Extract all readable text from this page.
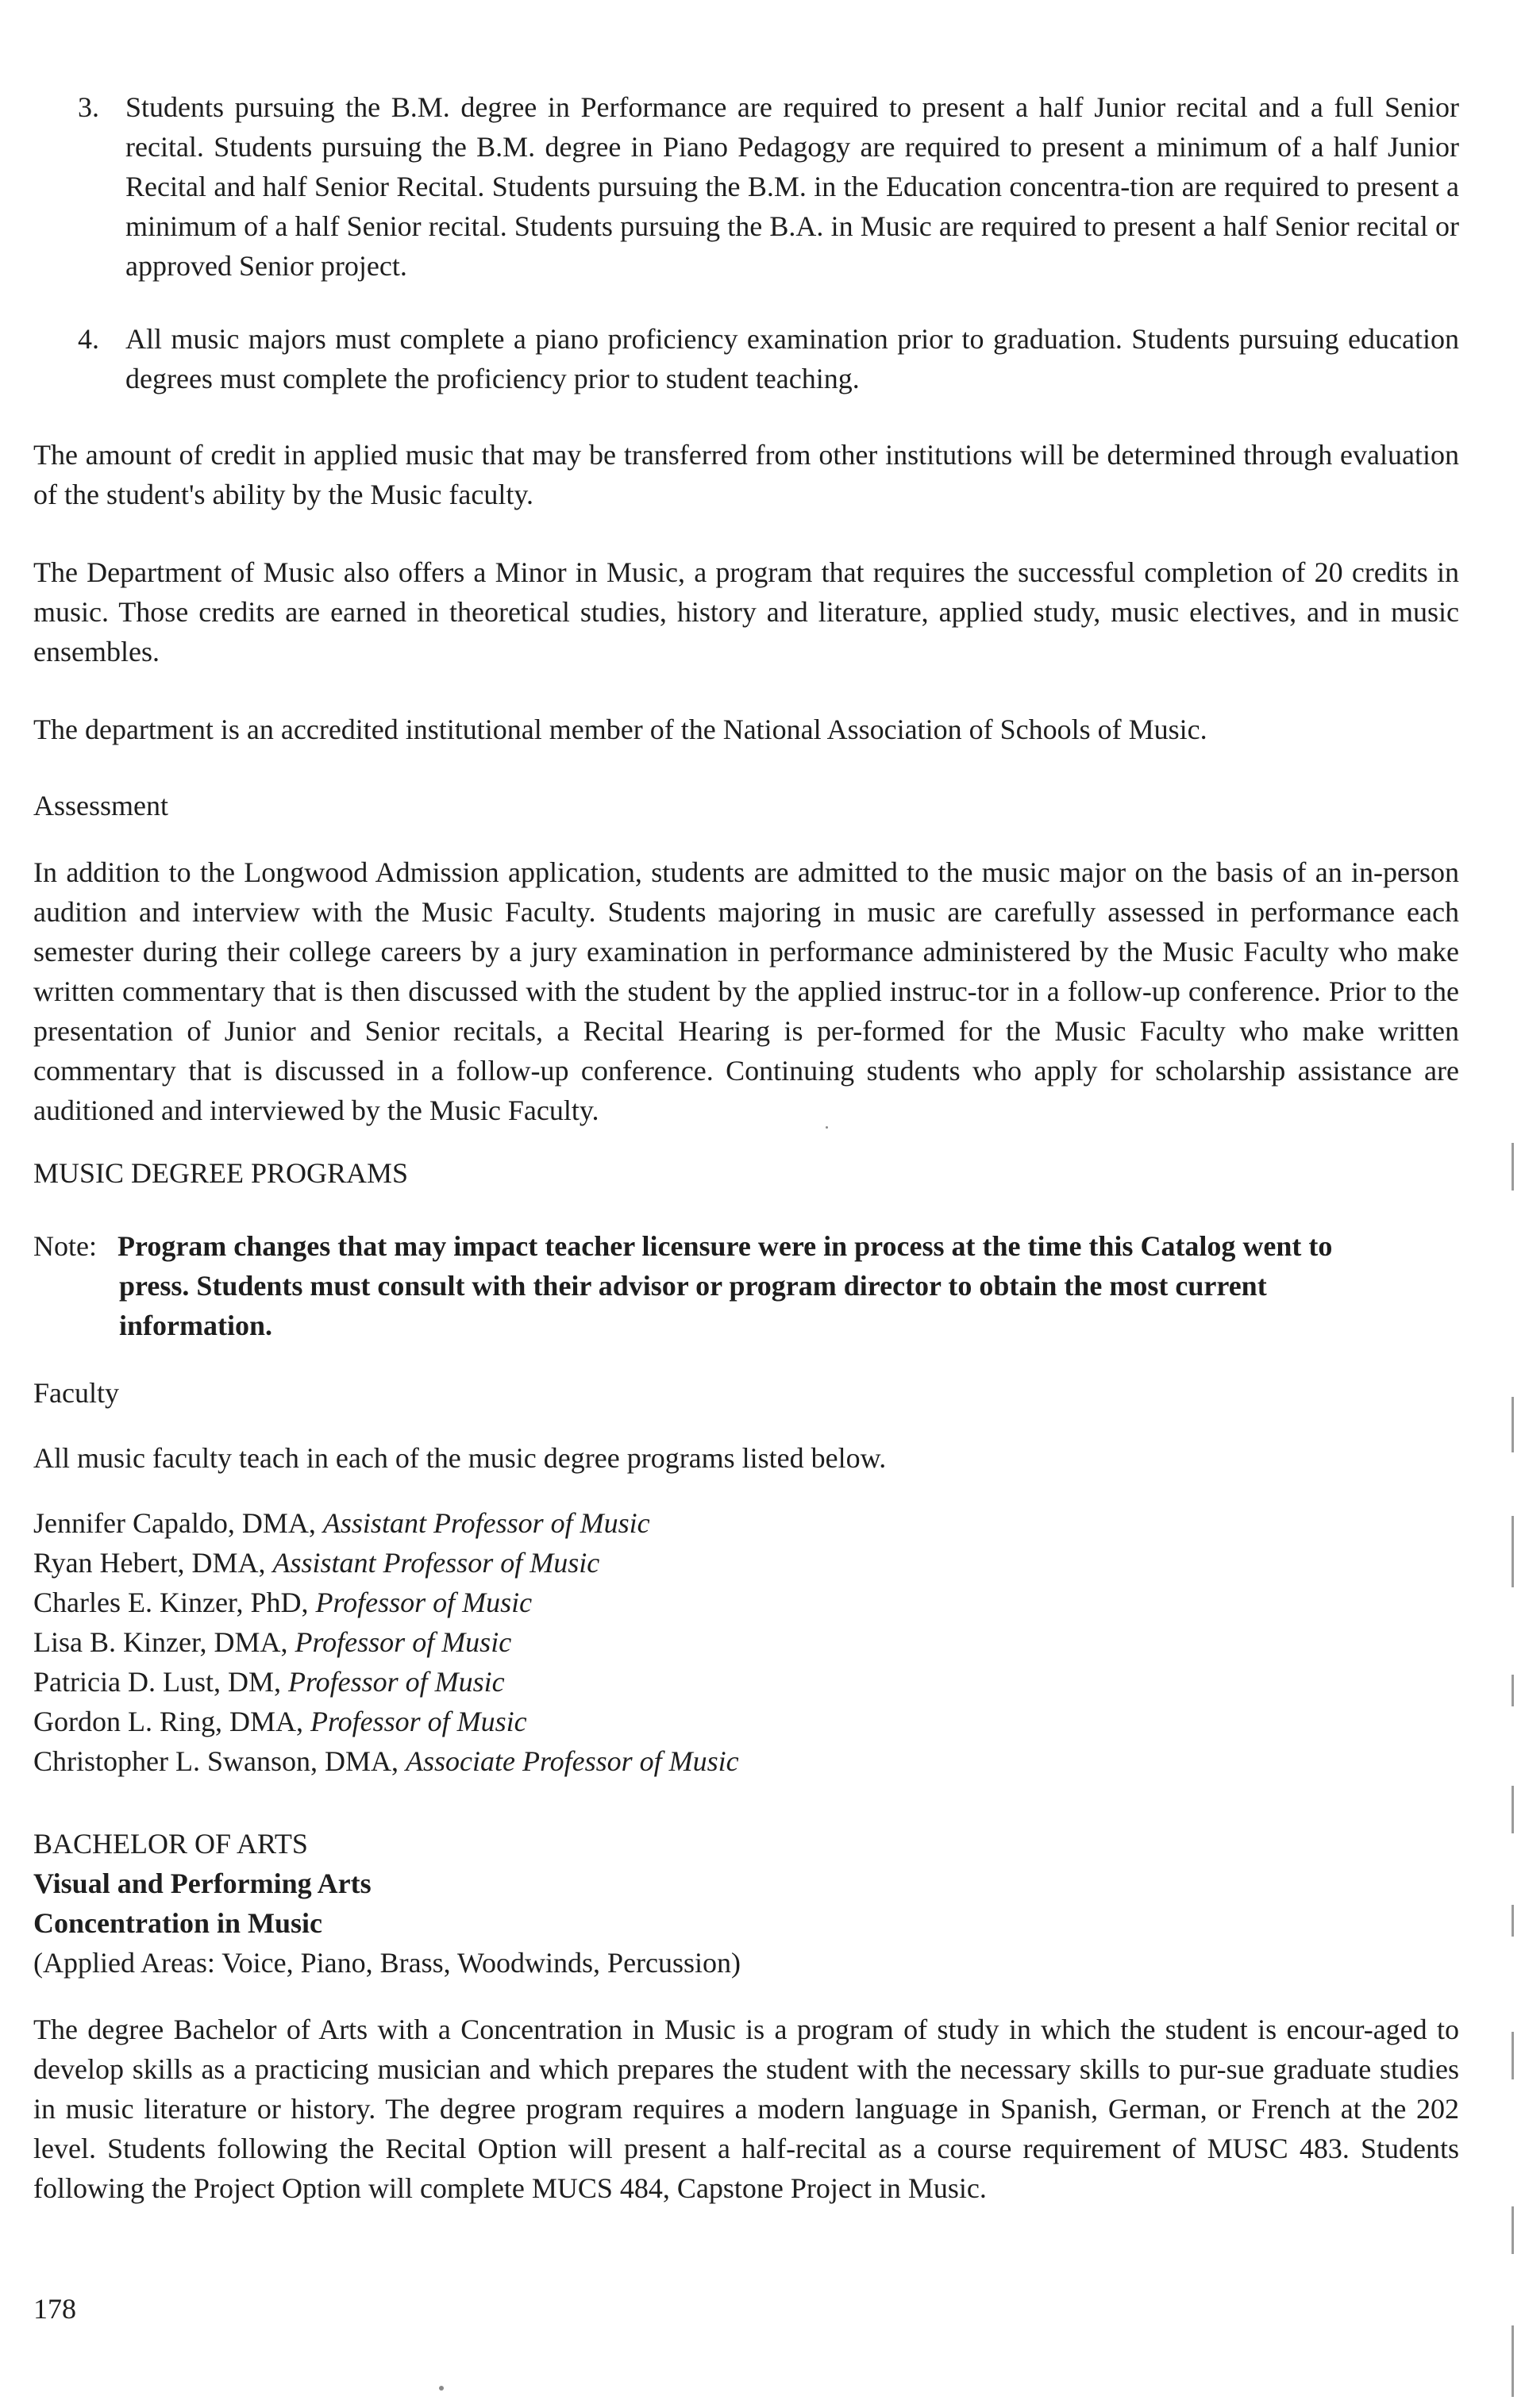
3. Students pursuing the B.M. degree in Performance are required to present a half Junior recital and a full Senior recital. Students pursuing the B.M. degree in Piano Pedagogy are required to present a minimum of a half Junior Recital and half Senior Recital. Students pursuing the B.M. in the Education concentra-tion are required to present a minimum of a half Senior recital. Students pursuing the B.A. in Music are required to present a half Senior recital or approved Senior project.
4. All music majors must complete a piano proficiency examination prior to graduation. Students pursuing education degrees must complete the proficiency prior to student teaching.
The amount of credit in applied music that may be transferred from other institutions will be determined through evaluation of the student's ability by the Music faculty.
The Department of Music also offers a Minor in Music, a program that requires the successful completion of 20 credits in music. Those credits are earned in theoretical studies, history and literature, applied study, music electives, and in music ensembles.
The department is an accredited institutional member of the National Association of Schools of Music.
Assessment
In addition to the Longwood Admission application, students are admitted to the music major on the basis of an in-person audition and interview with the Music Faculty. Students majoring in music are carefully assessed in performance each semester during their college careers by a jury examination in performance administered by the Music Faculty who make written commentary that is then discussed with the student by the applied instruc-tor in a follow-up conference. Prior to the presentation of Junior and Senior recitals, a Recital Hearing is per-formed for the Music Faculty who make written commentary that is discussed in a follow-up conference. Continuing students who apply for scholarship assistance are auditioned and interviewed by the Music Faculty.
MUSIC DEGREE PROGRAMS
Note: Program changes that may impact teacher licensure were in process at the time this Catalog went to press. Students must consult with their advisor or program director to obtain the most current information.
Faculty
All music faculty teach in each of the music degree programs listed below.
Jennifer Capaldo, DMA, Assistant Professor of Music
Ryan Hebert, DMA, Assistant Professor of Music
Charles E. Kinzer, PhD, Professor of Music
Lisa B. Kinzer, DMA, Professor of Music
Patricia D. Lust, DM, Professor of Music
Gordon L. Ring, DMA, Professor of Music
Christopher L. Swanson, DMA, Associate Professor of Music
BACHELOR OF ARTS
Visual and Performing Arts
Concentration in Music
(Applied Areas: Voice, Piano, Brass, Woodwinds, Percussion)
The degree Bachelor of Arts with a Concentration in Music is a program of study in which the student is encour-aged to develop skills as a practicing musician and which prepares the student with the necessary skills to pur-sue graduate studies in music literature or history. The degree program requires a modern language in Spanish, German, or French at the 202 level. Students following the Recital Option will present a half-recital as a course requirement of MUSC 483. Students following the Project Option will complete MUCS 484, Capstone Project in Music.
178
